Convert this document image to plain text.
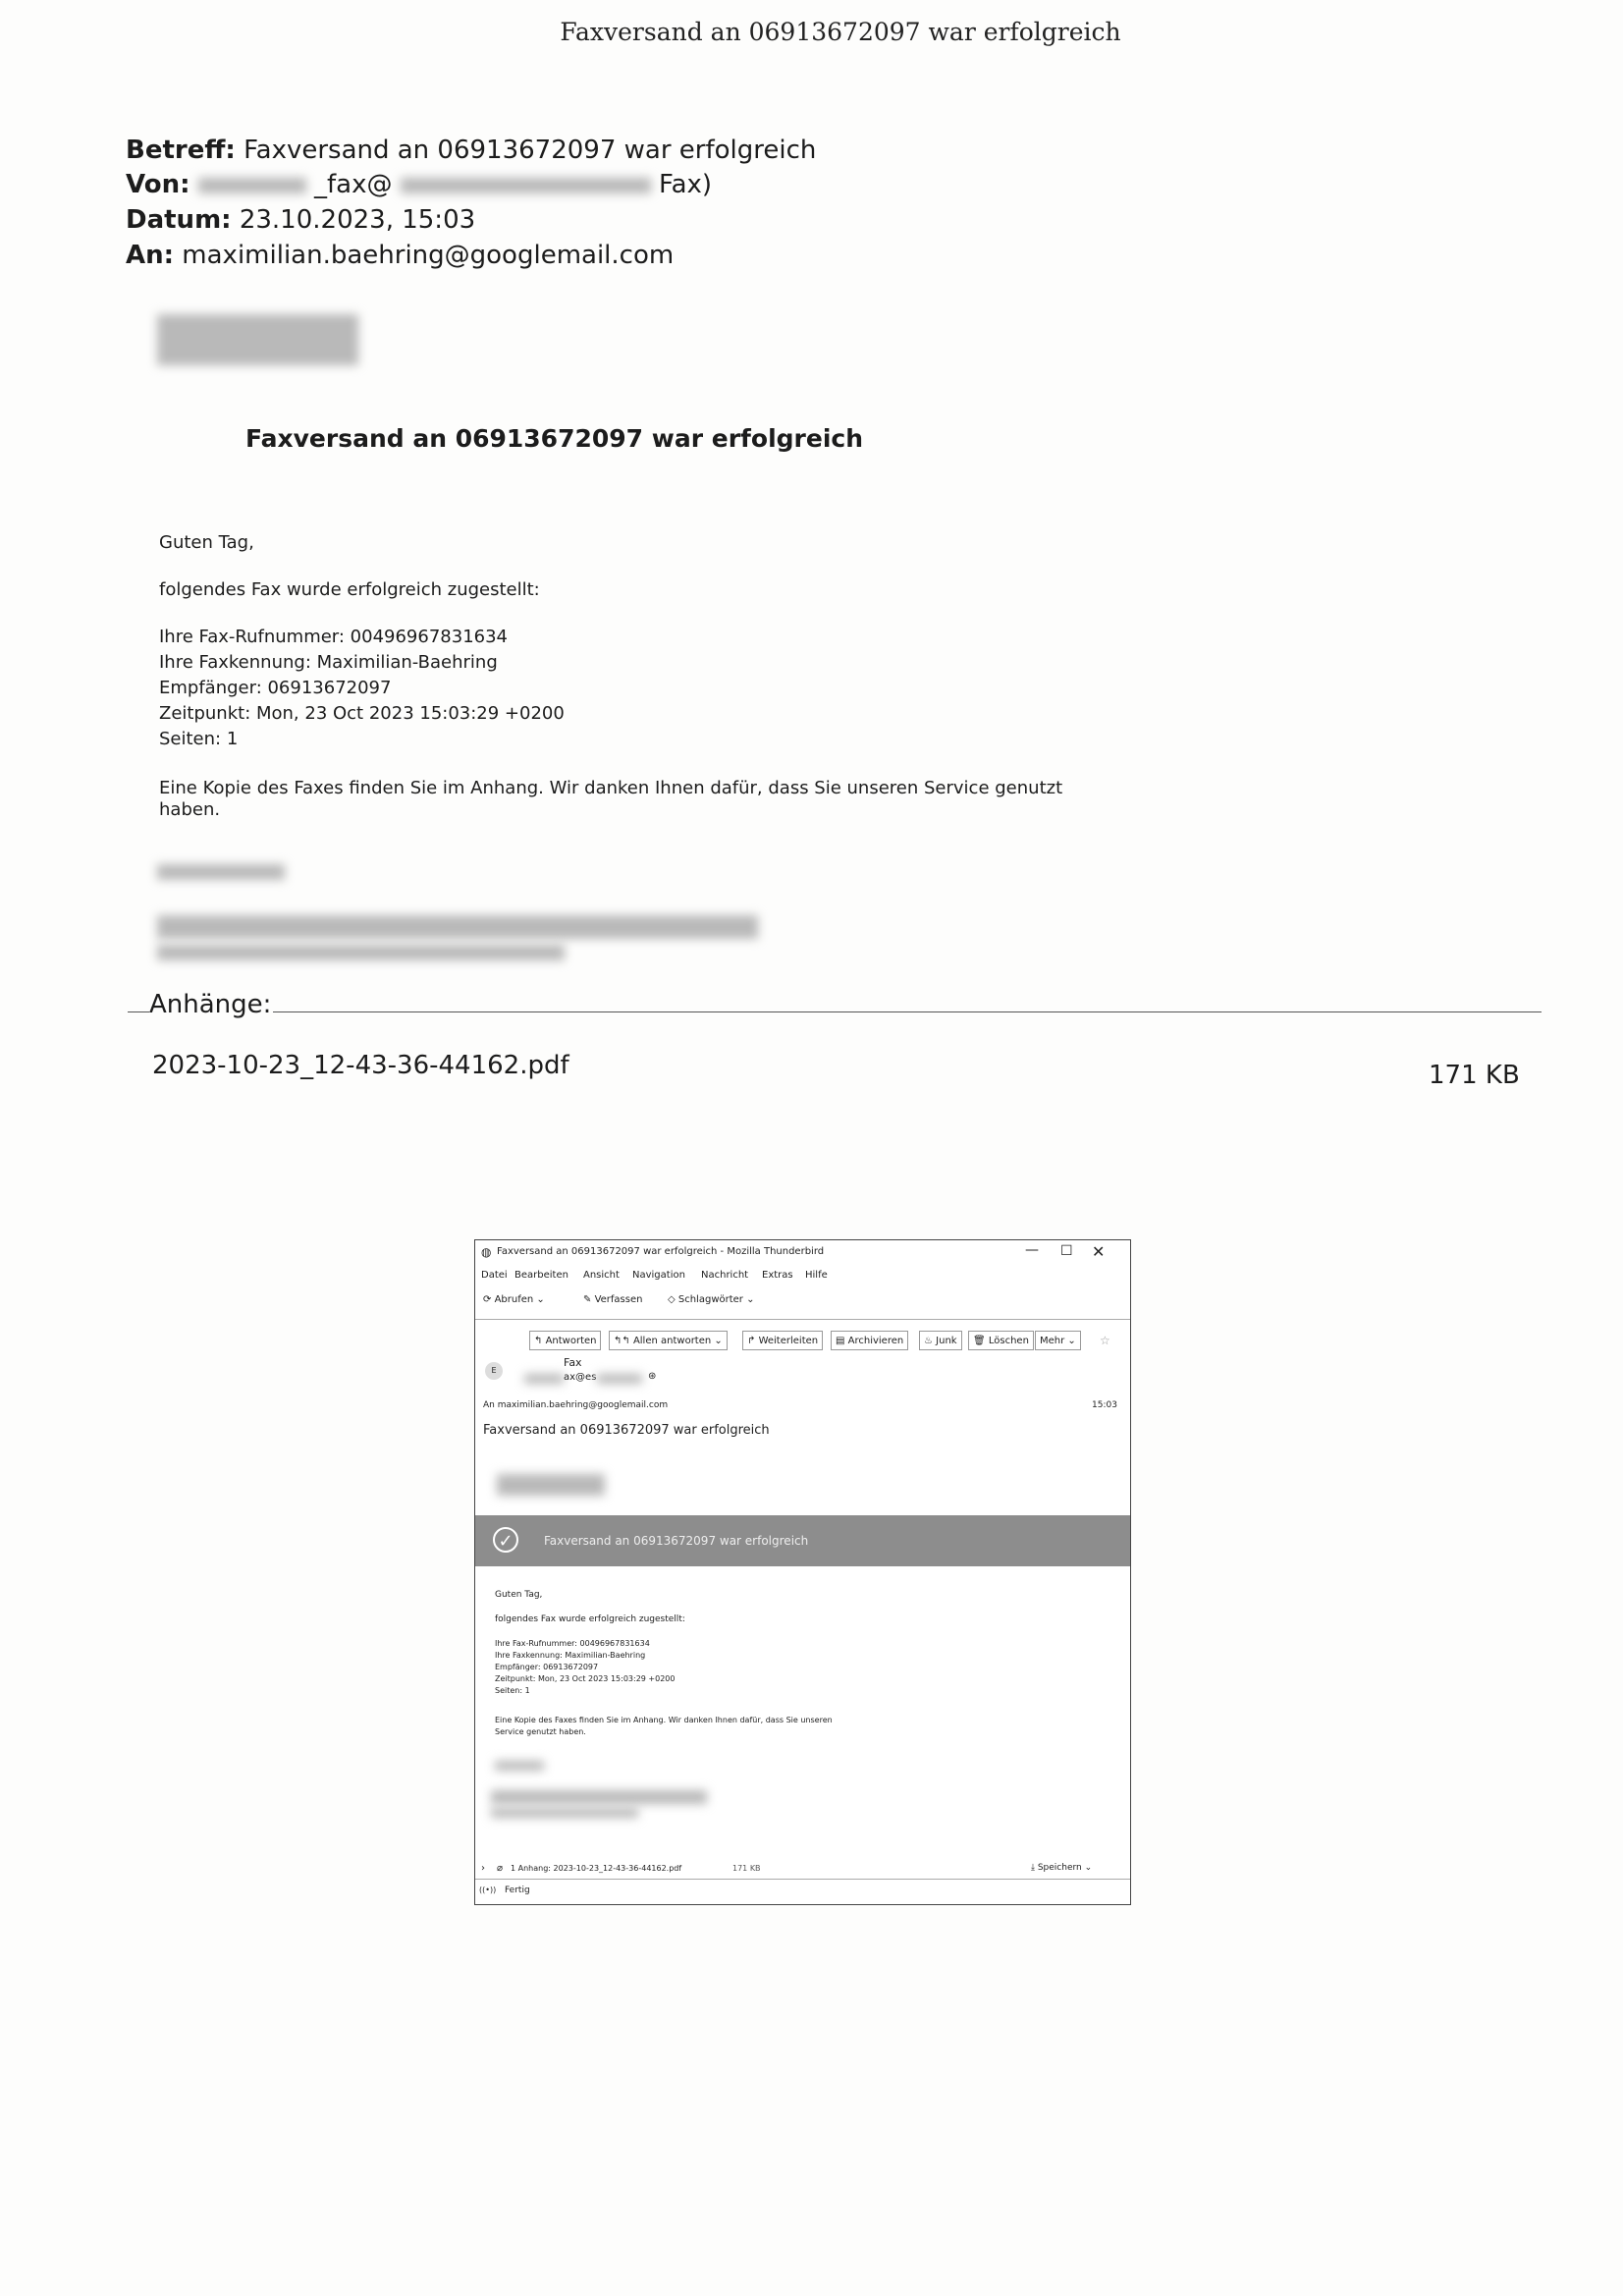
Faxversand an 06913672097 war erfolgreich
Betreff: Faxversand an 06913672097 war erfolgreich
Von:	_fax@	Fax)
Datum: 23.10.2023, 15:03
An: maximilian.baehring@googlemail.com
Faxversand an 06913672097 war erfolgreich
Guten Tag,
folgendes Fax wurde erfolgreich zugestellt:
Ihre Fax-Rufnummer: 00496967831634
Ihre Faxkennung: Maximilian-Baehring
Empfänger: 06913672097
Zeitpunkt: Mon, 23 Oct 2023 15:03:29 +0200
Seiten: 1
Eine Kopie des Faxes finden Sie im Anhang. Wir danken Ihnen dafür, dass Sie unseren Service genutzt
haben.
Anhänge:
2023-10-23_12-43-36-44162.pdf	171 KB
◍ Faxversand an 06913672097 war erfolgreich - Mozilla Thunderbird	— ☐ ✕
Datei Bearbeiten Ansicht Navigation Nachricht Extras Hilfe
⟳ Abrufen ⌄	✎ Verfassen	◇ Schlagwörter ⌄
↰ Antworten	↰↰ Allen antworten ⌄	↱ Weiterleiten	▤ Archivieren	♨ Junk	🗑 Löschen	Mehr ⌄	☆
E
Fax
ax@es	⊛
An maximilian.baehring@googlemail.com	15:03
Faxversand an 06913672097 war erfolgreich
✓	Faxversand an 06913672097 war erfolgreich
Guten Tag,
folgendes Fax wurde erfolgreich zugestellt:
Ihre Fax-Rufnummer: 00496967831634
Ihre Faxkennung: Maximilian-Baehring
Empfänger: 06913672097
Zeitpunkt: Mon, 23 Oct 2023 15:03:29 +0200
Seiten: 1
Eine Kopie des Faxes finden Sie im Anhang. Wir danken Ihnen dafür, dass Sie unseren
Service genutzt haben.
› ⌀ 1 Anhang: 2023-10-23_12-43-36-44162.pdf	171 KB	⤓ Speichern ⌄
((•)) Fertig
